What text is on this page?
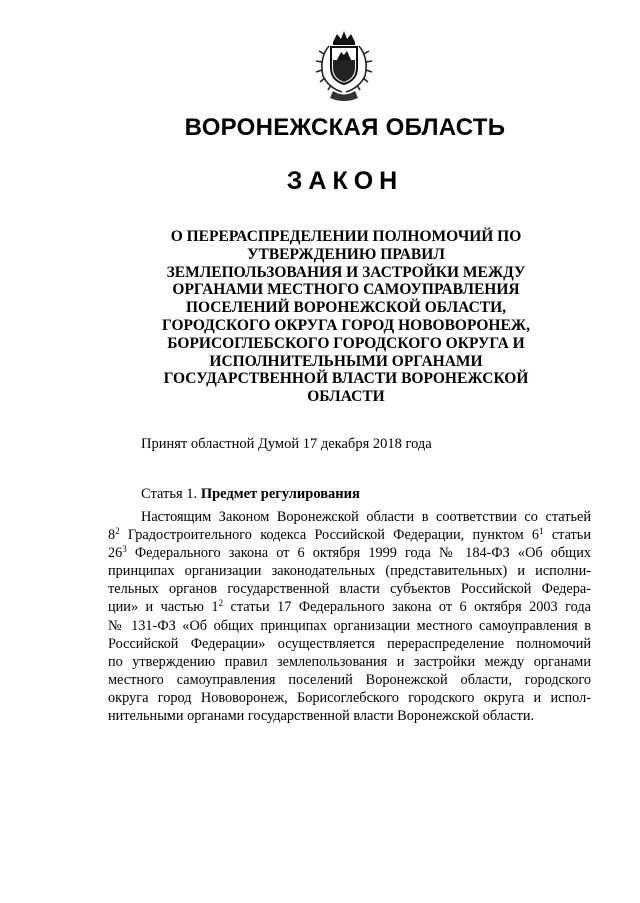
ВОРОНЕЖСКАЯ ОБЛАСТЬ
ЗАКОН
О ПЕРЕРАСПРЕДЕЛЕНИИ ПОЛНОМОЧИЙ ПО
УТВЕРЖДЕНИЮ ПРАВИЛ
ЗЕМЛЕПОЛЬЗОВАНИЯ И ЗАСТРОЙКИ МЕЖДУ
ОРГАНАМИ МЕСТНОГО САМОУПРАВЛЕНИЯ
ПОСЕЛЕНИЙ ВОРОНЕЖСКОЙ ОБЛАСТИ,
ГОРОДСКОГО ОКРУГА ГОРОД НОВОВОРОНЕЖ,
БОРИСОГЛЕБСКОГО ГОРОДСКОГО ОКРУГА И
ИСПОЛНИТЕЛЬНЫМИ ОРГАНАМИ
ГОСУДАРСТВЕННОЙ ВЛАСТИ ВОРОНЕЖСКОЙ
ОБЛАСТИ
Принят областной Думой 17 декабря 2018 года
Статья 1. Предмет регулирования
Настоящим Законом Воронежской области в соответствии со статьей
$8^2$ Градостроительного кодекса Российской Федерации, пунктом $6^1$ статьи
$26^3$ Федерального закона от 6 октября 1999 года № 184-ФЗ «Об общих
принципах организации законодательных (представительных) и исполни-
тельных органов государственной власти субъектов Российской Федера-
ции» и частью $1^2$ статьи 17 Федерального закона от 6 октября 2003 года
№ 131-ФЗ «Об общих принципах организации местного самоуправления в
Российской Федерации» осуществляется перераспределение полномочий
по утверждению правил землепользования и застройки между органами
местного самоуправления поселений Воронежской области, городского
округа город Нововоронеж, Борисоглебского городского округа и испол-
нительными органами государственной власти Воронежской области.
